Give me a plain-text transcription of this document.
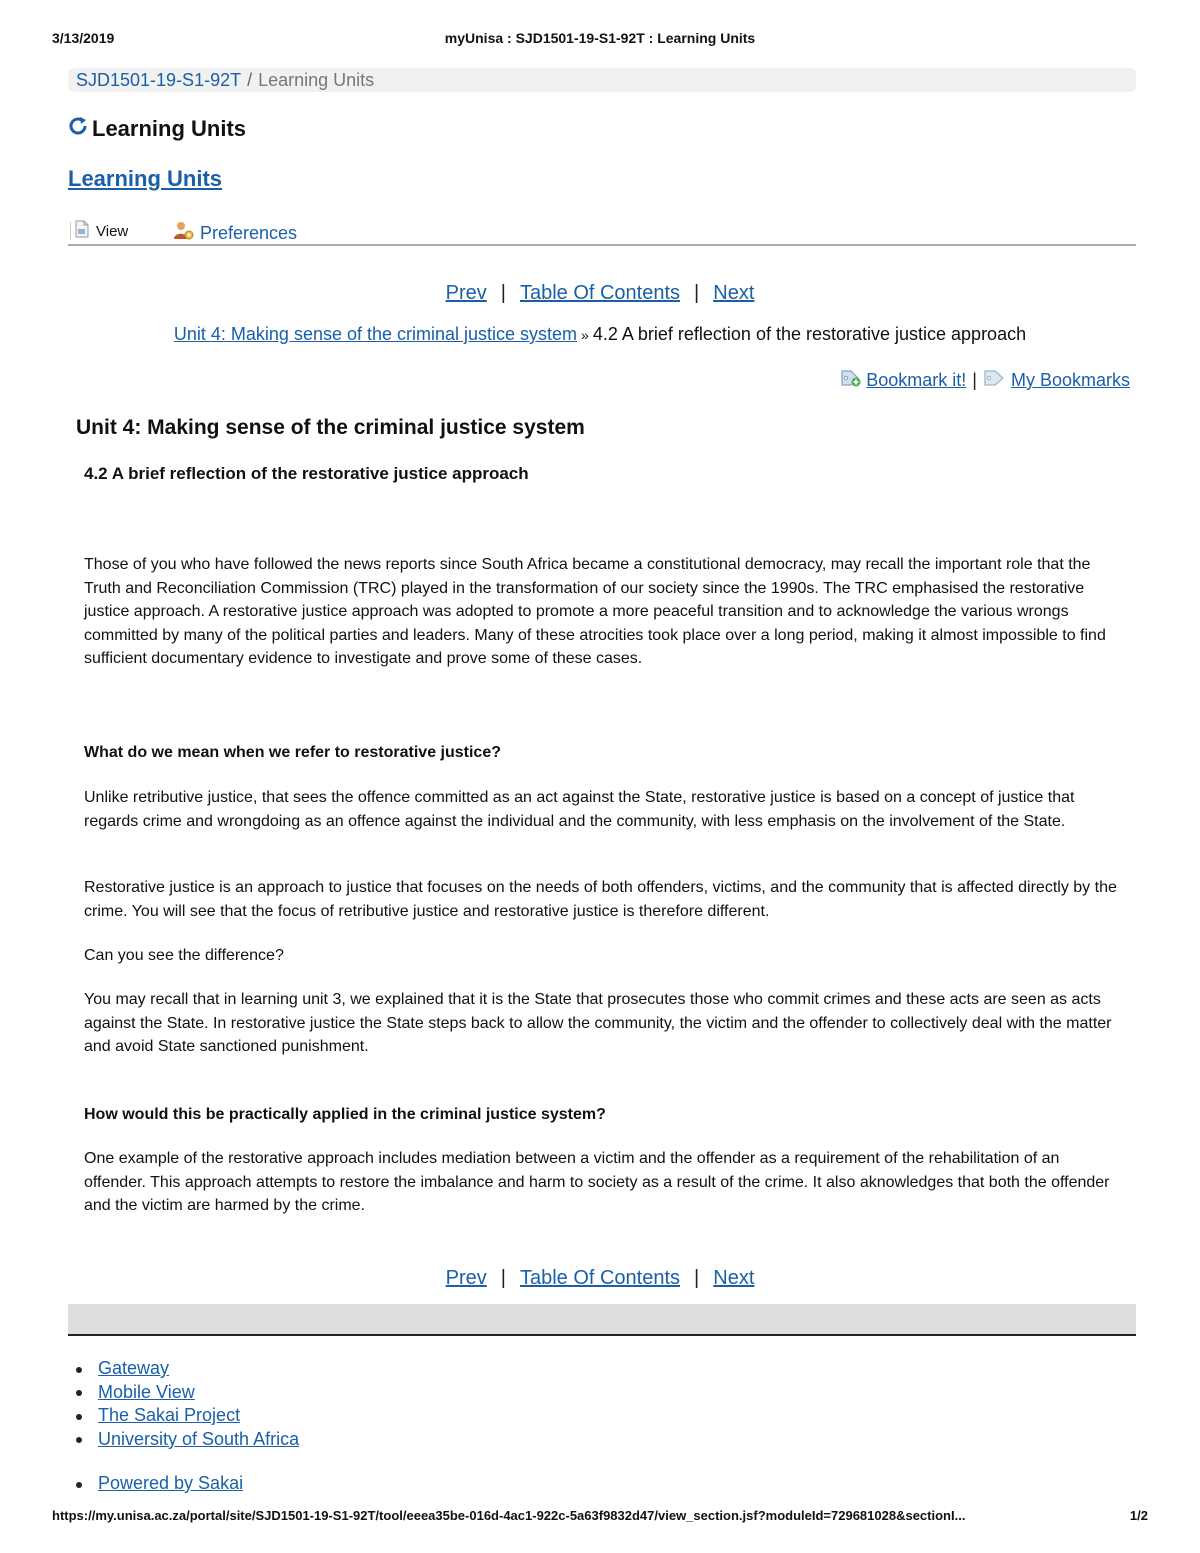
3/13/2019	myUnisa : SJD1501-19-S1-92T : Learning Units
SJD1501-19-S1-92T / Learning Units
Learning Units
Learning Units
View	Preferences
Prev | Table Of Contents | Next
Unit 4: Making sense of the criminal justice system » 4.2 A brief reflection of the restorative justice approach
Bookmark it! | My Bookmarks
Unit 4: Making sense of the criminal justice system
4.2 A brief reflection of the restorative justice approach

Those of you who have followed the news reports since South Africa became a constitutional democracy, may recall the important role that the Truth and Reconciliation Commission (TRC) played in the transformation of our society since the 1990s. The TRC emphasised the restorative justice approach. A restorative justice approach was adopted to promote a more peaceful transition and to acknowledge the various wrongs committed by many of the political parties and leaders. Many of these atrocities took place over a long period, making it almost impossible to find sufficient documentary evidence to investigate and prove some of these cases.

What do we mean when we refer to restorative justice?

Unlike retributive justice, that sees the offence committed as an act against the State, restorative justice is based on a concept of justice that regards crime and wrongdoing as an offence against the individual and the community, with less emphasis on the involvement of the State.

Restorative justice is an approach to justice that focuses on the needs of both offenders, victims, and the community that is affected directly by the crime. You will see that the focus of retributive justice and restorative justice is therefore different.

Can you see the difference?

You may recall that in learning unit 3, we explained that it is the State that prosecutes those who commit crimes and these acts are seen as acts against the State. In restorative justice the State steps back to allow the community, the victim and the offender to collectively deal with the matter and avoid State sanctioned punishment.

How would this be practically applied in the criminal justice system?

One example of the restorative approach includes mediation between a victim and the offender as a requirement of the rehabilitation of an offender. This approach attempts to restore the imbalance and harm to society as a result of the crime. It also aknowledges that both the offender and the victim are harmed by the crime.

Prev | Table Of Contents | Next
Gateway
Mobile View
The Sakai Project
University of South Africa
Powered by Sakai
https://my.unisa.ac.za/portal/site/SJD1501-19-S1-92T/tool/eeea35be-016d-4ac1-922c-5a63f9832d47/view_section.jsf?moduleId=729681028&sectionI...	1/2
